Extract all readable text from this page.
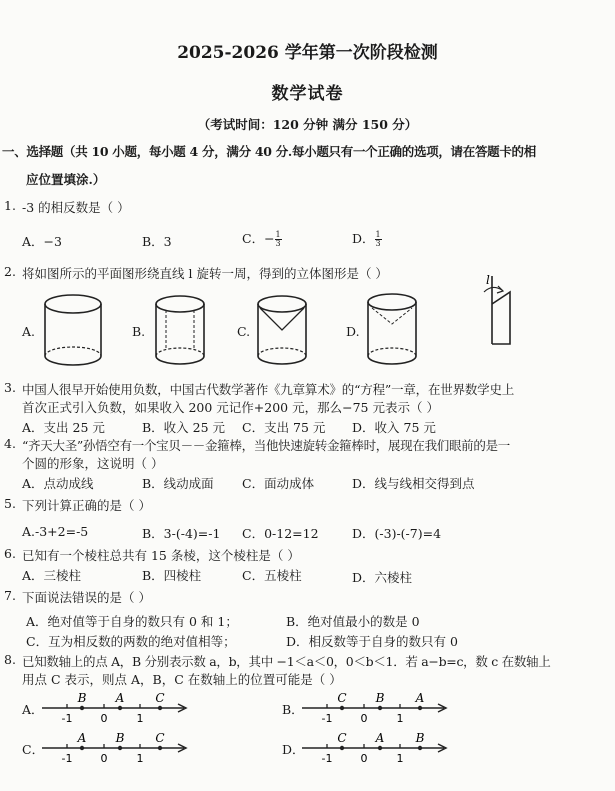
2025-2026 学年第一次阶段检测
数学试卷
（考试时间：120 分钟 满分 150 分）
一、选择题（共 10 小题，每小题 4 分，满分 40 分.每小题只有一个正确的选项，请在答题卡的相
应位置填涂.）
1. -3 的相反数是（ ）
A．−3	B．3	C．− $\frac{1}{3}$	D． $\frac{1}{3}$
2. 将如图所示的平面图形绕直线 l 旋转一周，得到的立体图形是（ ）
A.	B.	C.	D.
l
3. 中国人很早开始使用负数，中国古代数学著作《九章算术》的“方程”一章，在世界数学史上
首次正式引入负数，如果收入 200 元记作+200 元，那么−75 元表示（ ）
A．支出 25 元	B．收入 25 元 C．支出 75 元 D．收入 75 元
4. “齐天大圣”孙悟空有一个宝贝－－金箍棒，当他快速旋转金箍棒时，展现在我们眼前的是一
个圆的形象，这说明（ ）
A．点动成线	B．线动成面 C．面动成体	D．线与线相交得到点
5. 下列计算正确的是（ ）
A.-3+2=-5	B．3-(-4)=-1 C．0-12=12	D．(-3)-(-7)=4
6. 已知有一个棱柱总共有 15 条棱，这个棱柱是（ ）
A．三棱柱	B．四棱柱	C．五棱柱	D．六棱柱
7. 下面说法错误的是（ ）
A．绝对值等于自身的数只有 0 和 1；	B．绝对值最小的数是 0
C．互为相反数的两数的绝对值相等；	D．相反数等于自身的数只有 0
8. 已知数轴上的点 A，B 分别表示数 a，b，其中 −1＜a＜0，0＜b＜1．若 a−b=c，数 c 在数轴上
用点 C 表示，则点 A，B，C 在数轴上的位置可能是（ ）
A．
-1	0	1
B A	C
B．
-1	0	1
C B	A
C．
-1	0	1
A B	C
D．
-1	0	1
C A	B
